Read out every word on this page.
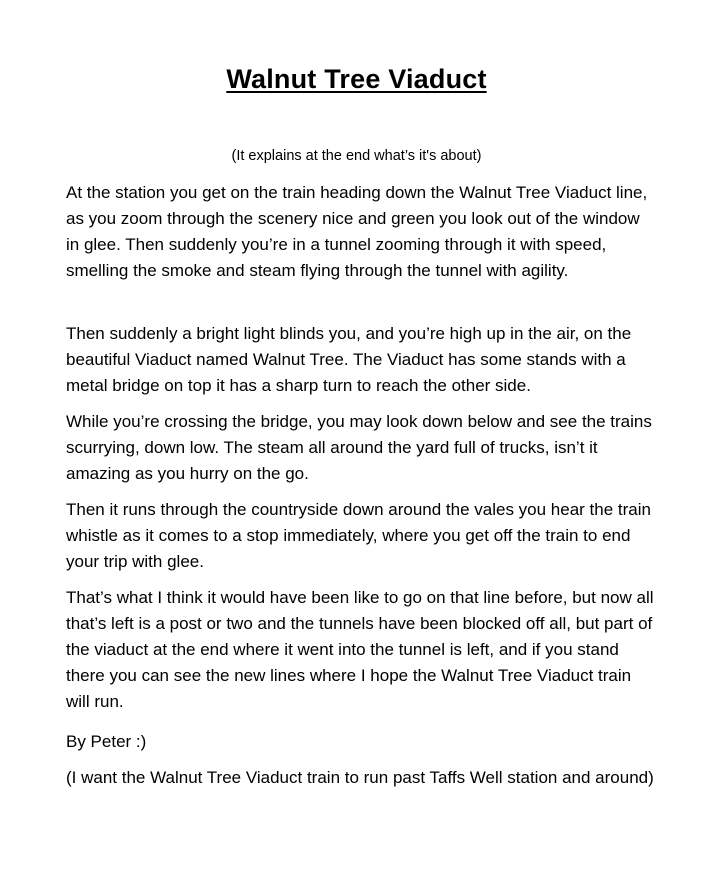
Walnut Tree Viaduct
(It explains at the end what’s it's about)

At the station you get on the train heading down the Walnut Tree Viaduct line, as you zoom through the scenery nice and green you look out of the window in glee. Then suddenly you’re in a tunnel zooming through it with speed, smelling the smoke and steam flying through the tunnel with agility.

Then suddenly a bright light blinds you, and you’re high up in the air, on the beautiful Viaduct named Walnut Tree. The Viaduct has some stands with a metal bridge on top it has a sharp turn to reach the other side.

While you’re crossing the bridge, you may look down below and see the trains scurrying, down low. The steam all around the yard full of trucks, isn’t it amazing as you hurry on the go.

Then it runs through the countryside down around the vales you hear the train whistle as it comes to a stop immediately, where you get off the train to end your trip with glee.

That’s what I think it would have been like to go on that line before, but now all that’s left is a post or two and the tunnels have been blocked off all, but part of the viaduct at the end where it went into the tunnel is left, and if you stand there you can see the new lines where I hope the Walnut Tree Viaduct train will run.

By Peter :)

(I want the Walnut Tree Viaduct train to run past Taffs Well station and around)
